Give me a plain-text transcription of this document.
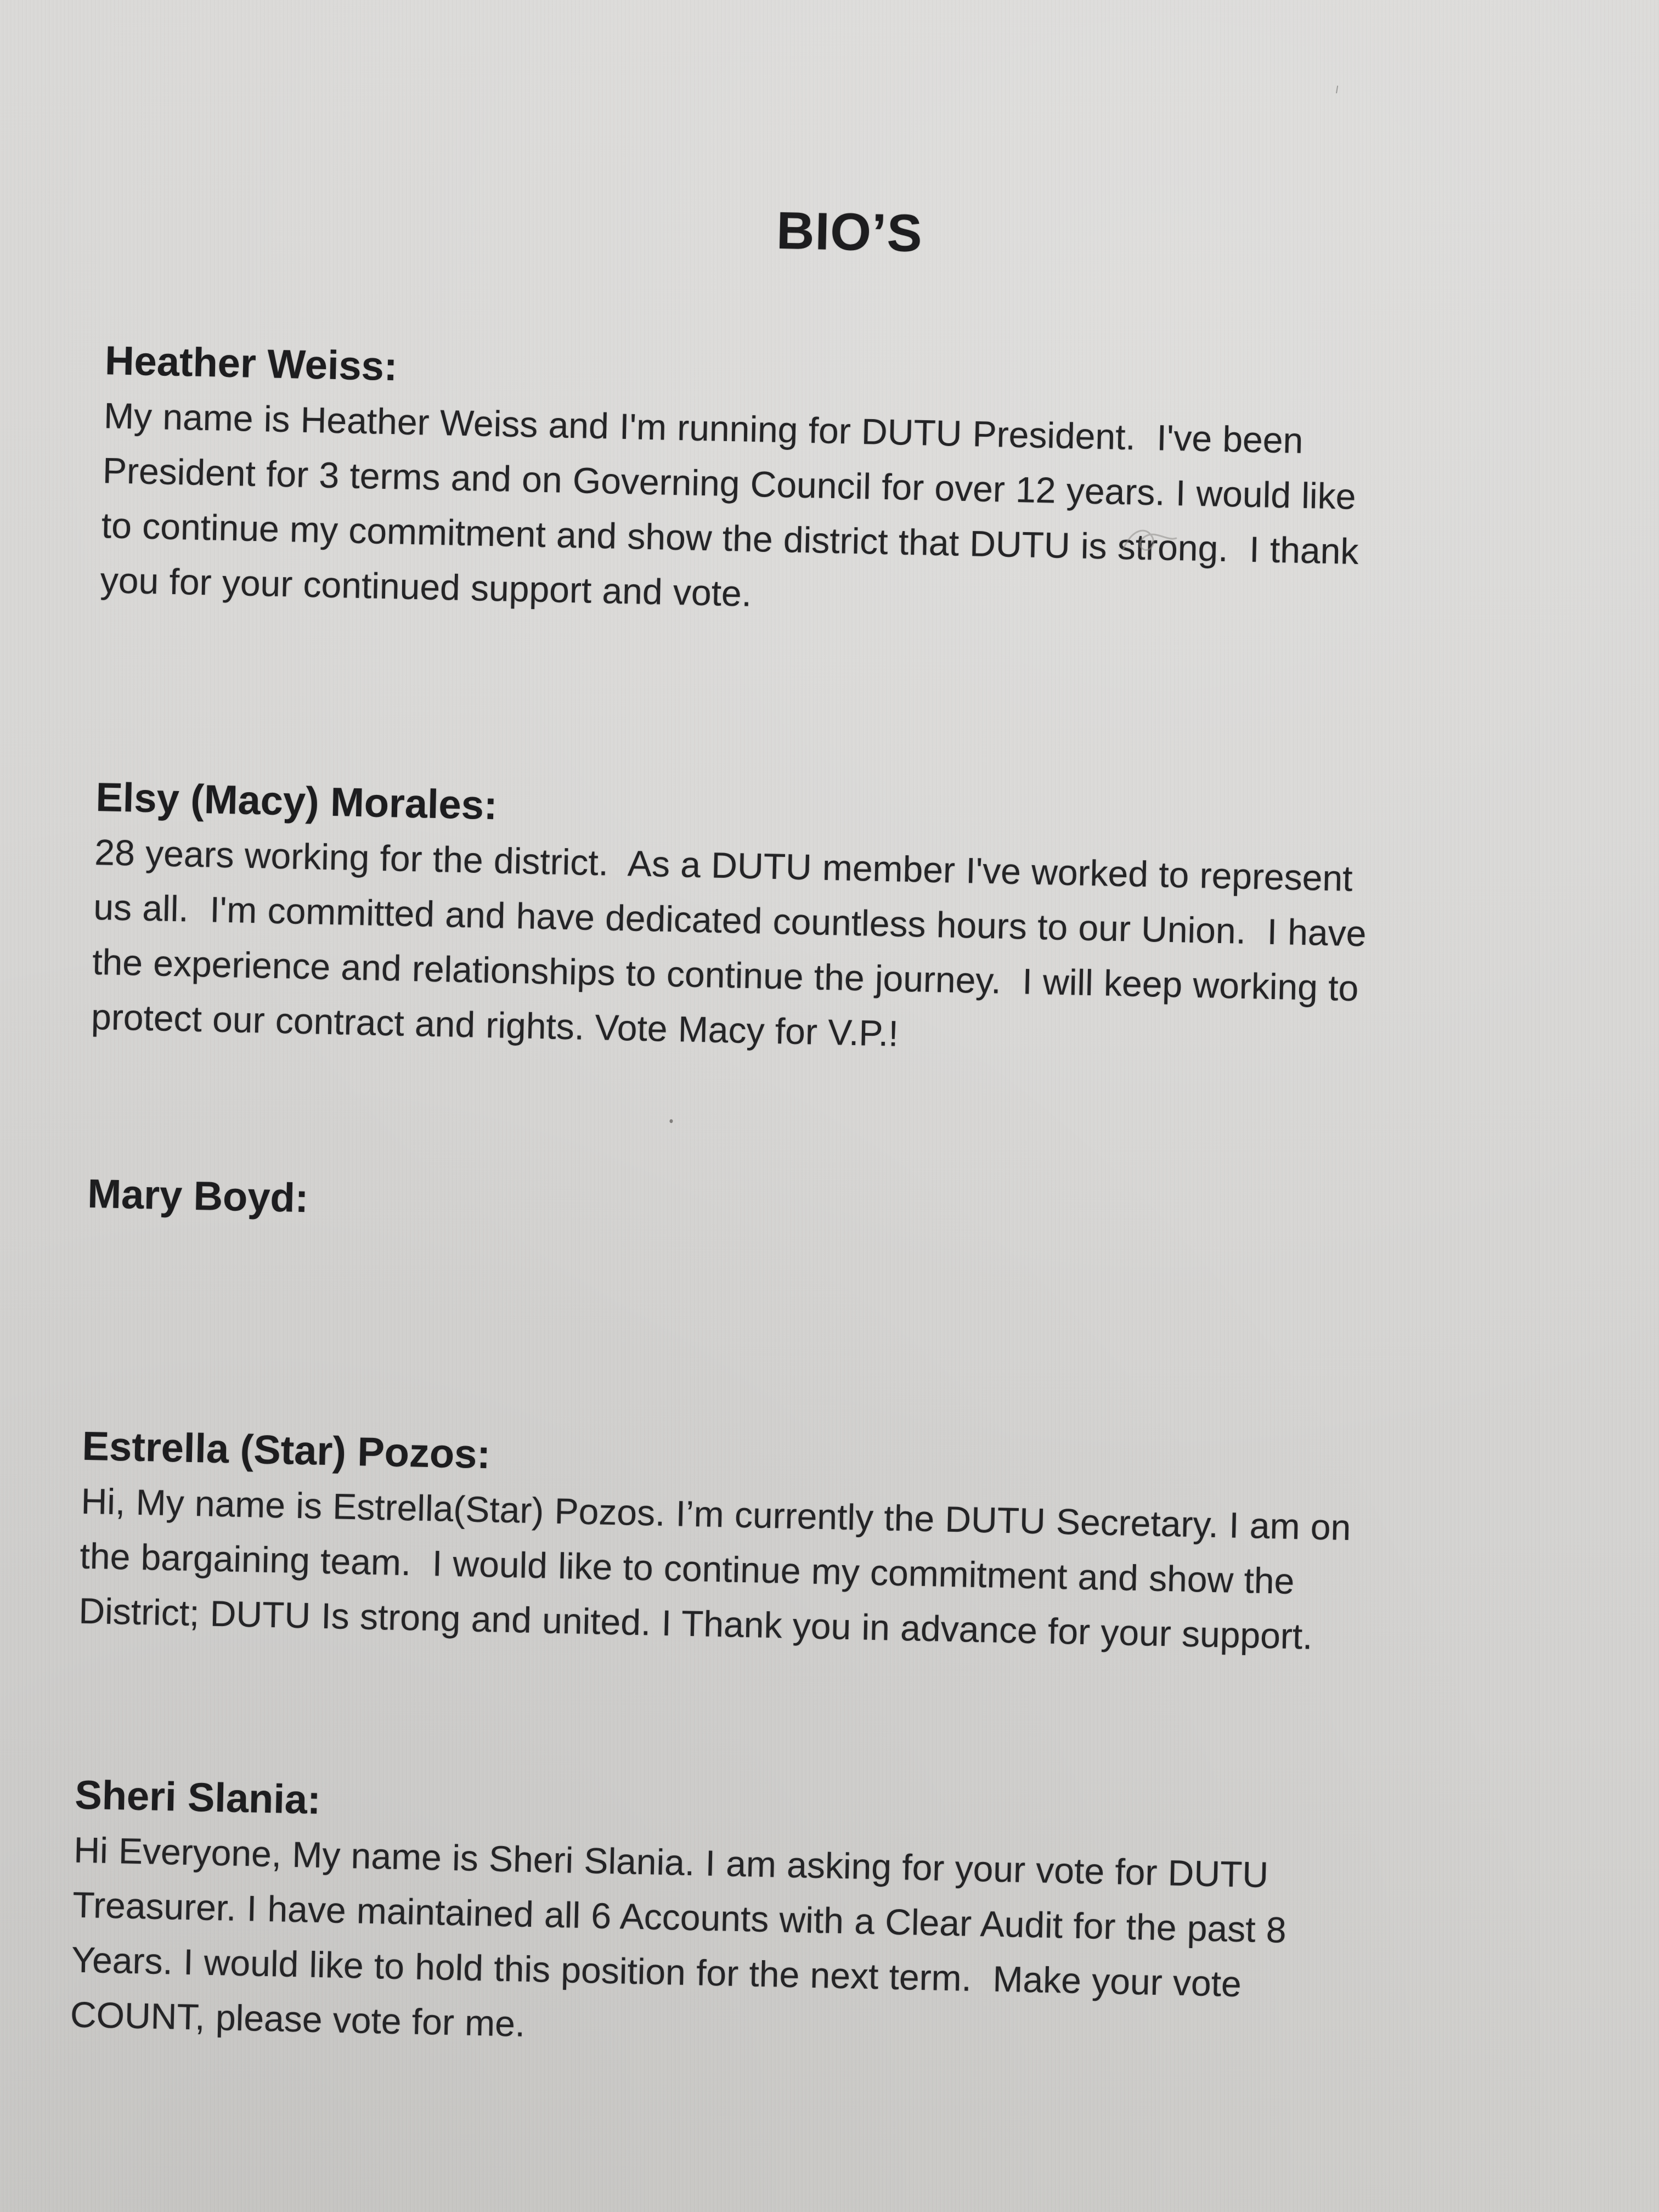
BIO’S
Heather Weiss:
My name is Heather Weiss and I'm running for DUTU President.  I've been
President for 3 terms and on Governing Council for over 12 years. I would like
to continue my commitment and show the district that DUTU is strong.  I thank
you for your continued support and vote.
Elsy (Macy) Morales:
28 years working for the district.  As a DUTU member I've worked to represent
us all.  I'm committed and have dedicated countless hours to our Union.  I have
the experience and relationships to continue the journey.  I will keep working to
protect our contract and rights. Vote Macy for V.P.!
Mary Boyd:
Estrella (Star) Pozos:
Hi, My name is Estrella(Star) Pozos. I’m currently the DUTU Secretary. I am on
the bargaining team.  I would like to continue my commitment and show the
District; DUTU Is strong and united. I Thank you in advance for your support.
Sheri Slania:
Hi Everyone, My name is Sheri Slania. I am asking for your vote for DUTU
Treasurer. I have maintained all 6 Accounts with a Clear Audit for the past 8
Years. I would like to hold this position for the next term.  Make your vote
COUNT, please vote for me.
